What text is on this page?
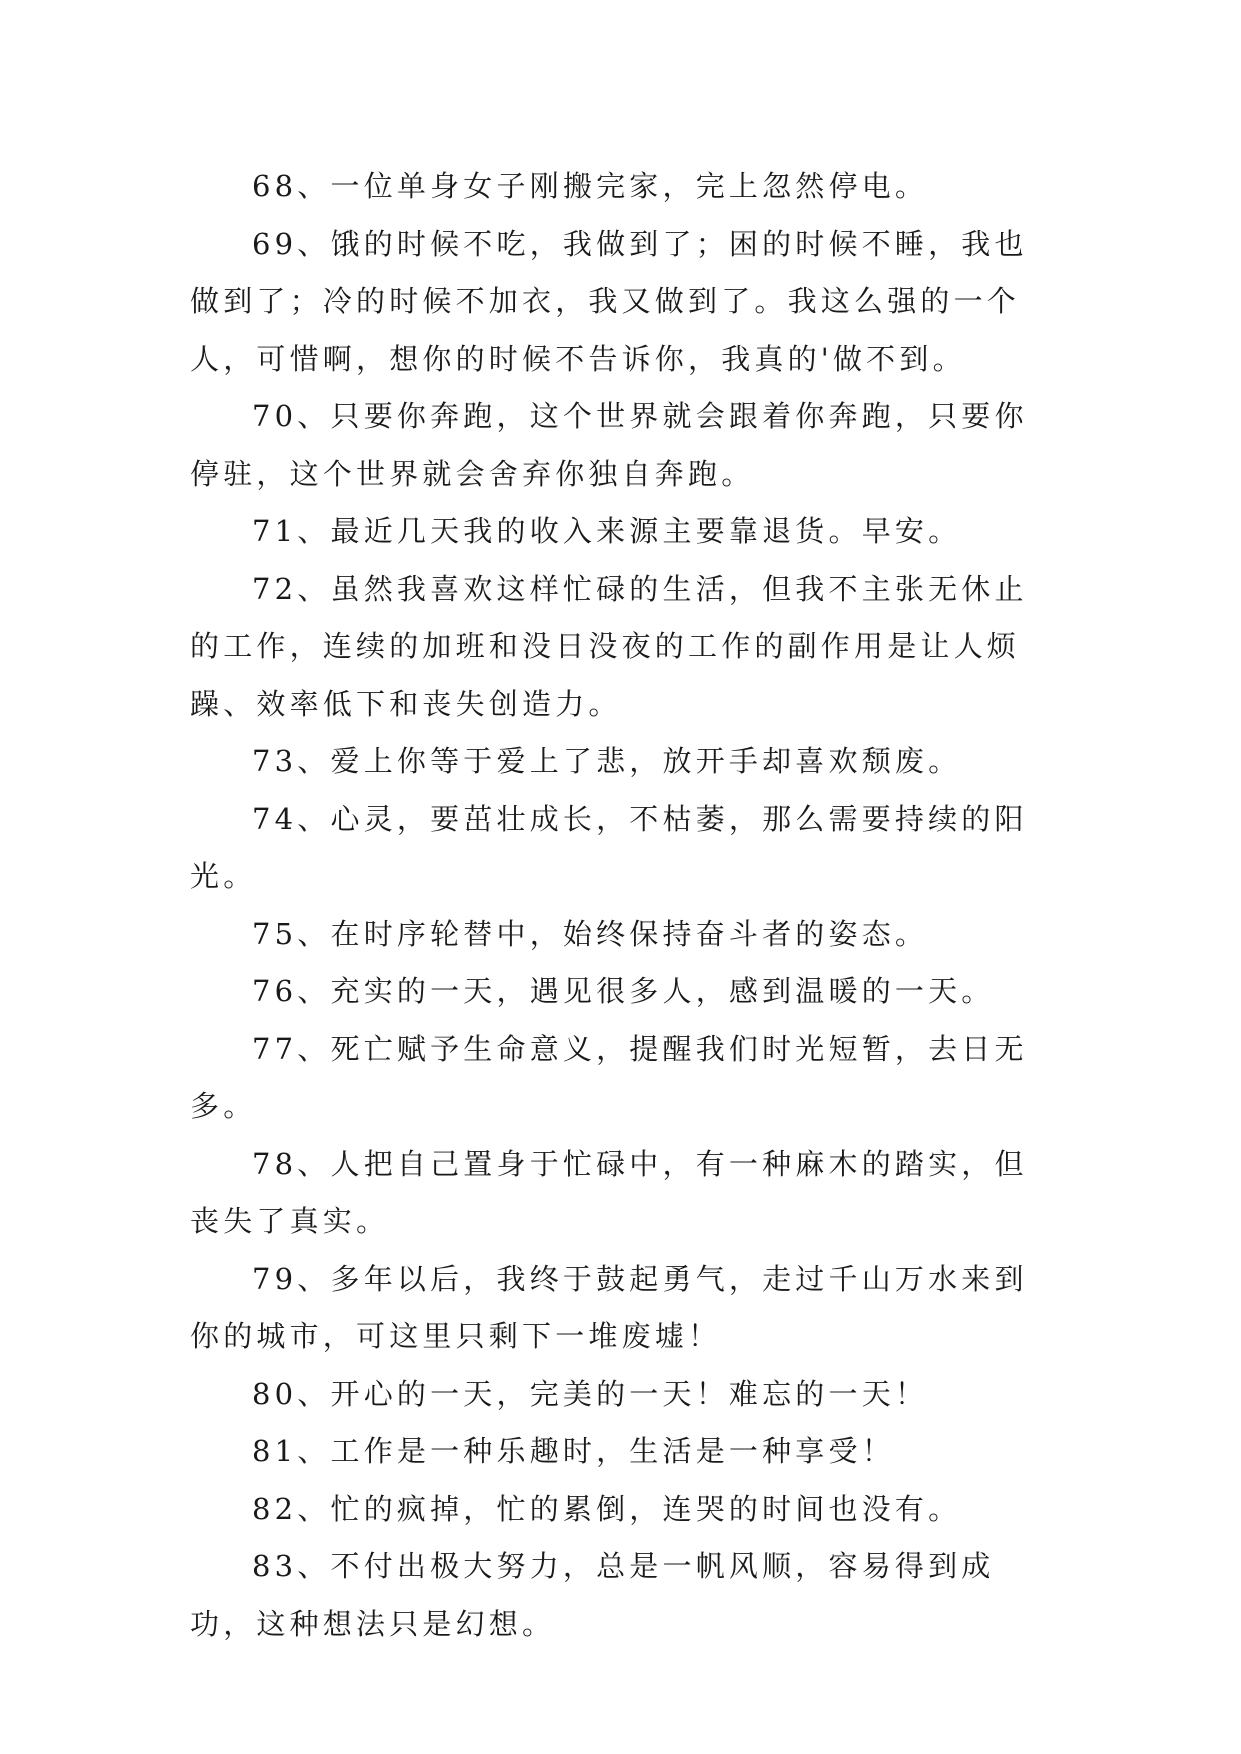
68、一位单身女子刚搬完家，完上忽然停电。

69、饿的时候不吃，我做到了；困的时候不睡，我也做到了；冷的时候不加衣，我又做到了。我这么强的一个人，可惜啊，想你的时候不告诉你，我真的'做不到。

70、只要你奔跑，这个世界就会跟着你奔跑，只要你停驻，这个世界就会舍弃你独自奔跑。

71、最近几天我的收入来源主要靠退货。早安。

72、虽然我喜欢这样忙碌的生活，但我不主张无休止的工作，连续的加班和没日没夜的工作的副作用是让人烦躁、效率低下和丧失创造力。

73、爱上你等于爱上了悲，放开手却喜欢颓废。

74、心灵，要茁壮成长，不枯萎，那么需要持续的阳光。

75、在时序轮替中，始终保持奋斗者的姿态。

76、充实的一天，遇见很多人，感到温暖的一天。

77、死亡赋予生命意义，提醒我们时光短暂，去日无多。

78、人把自己置身于忙碌中，有一种麻木的踏实，但丧失了真实。

79、多年以后，我终于鼓起勇气，走过千山万水来到你的城市，可这里只剩下一堆废墟！

80、开心的一天，完美的一天！难忘的一天！

81、工作是一种乐趣时，生活是一种享受！

82、忙的疯掉，忙的累倒，连哭的时间也没有。

83、不付出极大努力，总是一帆风顺，容易得到成功，这种想法只是幻想。
